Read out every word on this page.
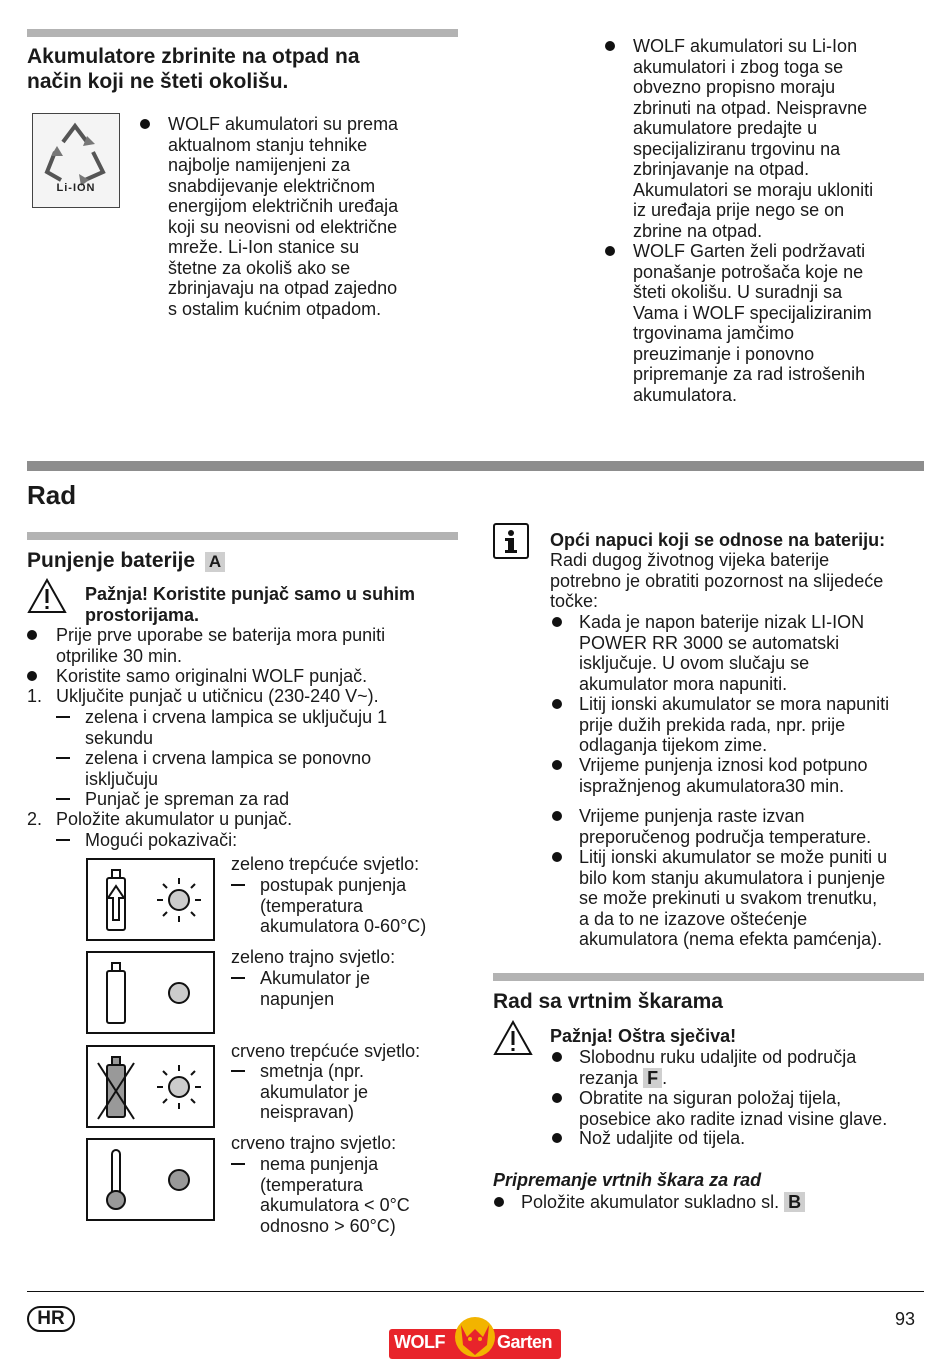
Akumulatore zbrinite na otpad na
način koji ne šteti okolišu.
Li-ION
WOLF akumulatori su prema
aktualnom stanju tehnike
najbolje namijenjeni za
snabdijevanje električnom
energijom električnih uređaja
koji su neovisni od električne
mreže. Li-Ion stanice su
štetne za okoliš ako se
zbrinjavaju na otpad zajedno
s ostalim kućnim otpadom.
WOLF akumulatori su Li-Ion
akumulatori i zbog toga se
obvezno propisno moraju
zbrinuti na otpad. Neispravne
akumulatore predajte u
specijaliziranu trgovinu na
zbrinjavanje na otpad.
Akumulatori se moraju ukloniti
iz uređaja prije nego se on
zbrine na otpad.
WOLF Garten želi podržavati
ponašanje potrošača koje ne
šteti okolišu. U suradnji sa
Vama i WOLF specijaliziranim
trgovinama jamčimo
preuzimanje i ponovno
pripremanje za rad istrošenih
akumulatora.
Rad
Punjenje baterije A
Pažnja! Koristite punjač samo u suhim
prostorijama.
Prije prve uporabe se baterija mora puniti
otprilike 30 min.
Koristite samo originalni WOLF punjač.
1. Uključite punjač u utičnicu (230-240 V~).
zelena i crvena lampica se uključuju 1
sekundu
zelena i crvena lampica se ponovno
isključuju
Punjač je spreman za rad
2. Položite akumulator u punjač.
Mogući pokazivači:
zeleno trepćuće svjetlo:
postupak punjenja
(temperatura
akumulatora 0-60°C)
zeleno trajno svjetlo:
Akumulator je
napunjen
crveno trepćuće svjetlo:
smetnja (npr.
akumulator je
neispravan)
crveno trajno svjetlo:
nema punjenja
(temperatura
akumulatora < 0°C
odnosno > 60°C)
Opći napuci koji se odnose na bateriju:
Radi dugog životnog vijeka baterije
potrebno je obratiti pozornost na slijedeće
točke:
Kada je napon baterije nizak LI-ION
POWER RR 3000 se automatski
isključuje. U ovom slučaju se
akumulator mora napuniti.
Litij ionski akumulator se mora napuniti
prije dužih prekida rada, npr. prije
odlaganja tijekom zime.
Vrijeme punjenja iznosi kod potpuno
ispražnjenog akumulatora30 min.
Vrijeme punjenja raste izvan
preporučenog područja temperature.
Litij ionski akumulator se može puniti u
bilo kom stanju akumulatora i punjenje
se može prekinuti u svakom trenutku,
a da to ne izazove oštećenje
akumulatora (nema efekta pamćenja).
Rad sa vrtnim škarama
Pažnja! Oštra sječiva!
Slobodnu ruku udaljite od područja
rezanja F .
Obratite na siguran položaj tijela,
posebice ako radite iznad visine glave.
Nož udaljite od tijela.
Pripremanje vrtnih škara za rad
Položite akumulator sukladno sl. B
HR	93
WOLF	Garten
